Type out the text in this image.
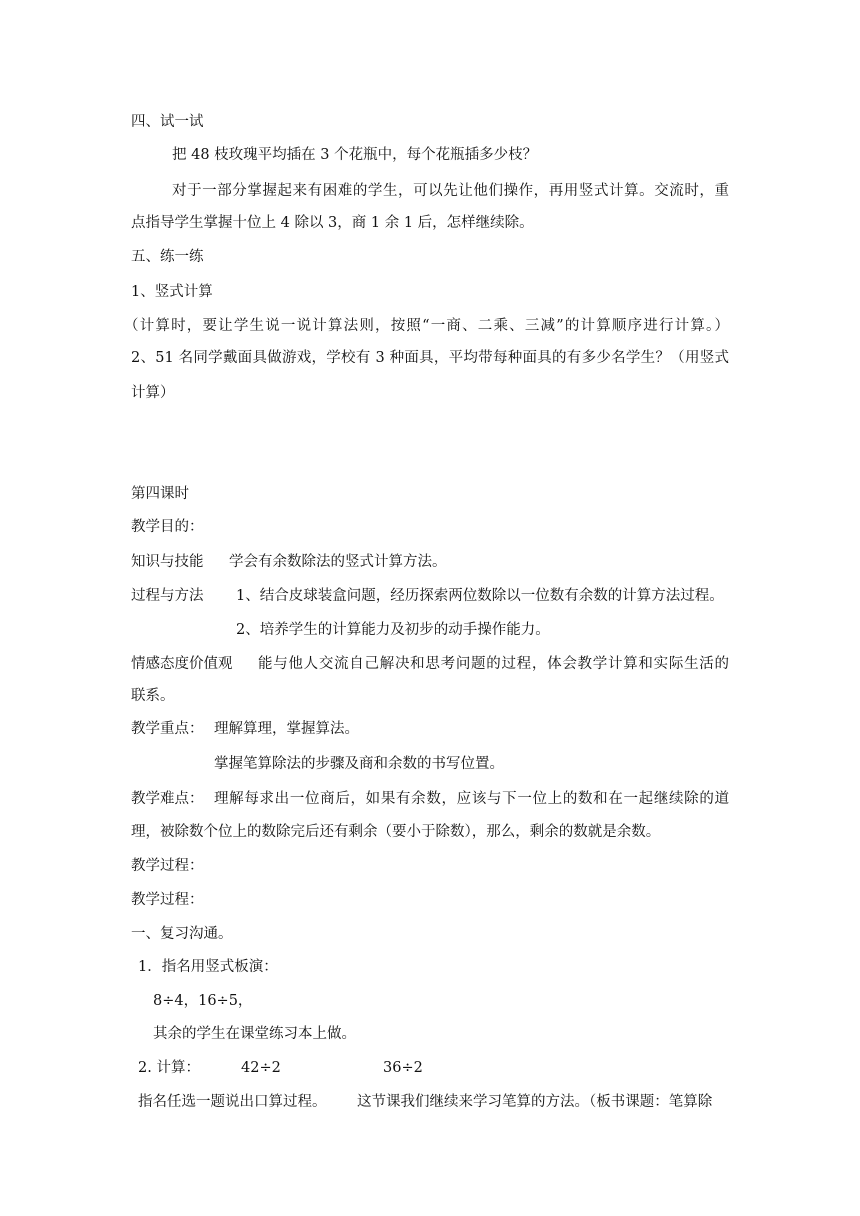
四、试一试
把 48 枝玫瑰平均插在 3 个花瓶中，每个花瓶插多少枝？
对于一部分掌握起来有困难的学生，可以先让他们操作，再用竖式计算。交流时，重
点指导学生掌握十位上 4 除以 3，商 1 余 1 后，怎样继续除。
五、练一练
1、竖式计算
（计算时，要让学生说一说计算法则，按照“一商、二乘、三减”的计算顺序进行计算。）
2、51 名同学戴面具做游戏，学校有 3 种面具，平均带每种面具的有多少名学生？（用竖式
计算）
第四课时
教学目的：
知识与技能 学会有余数除法的竖式计算方法。
过程与方法 1、结合皮球装盒问题，经历探索两位数除以一位数有余数的计算方法过程。
2、培养学生的计算能力及初步的动手操作能力。
情感态度价值观 能与他人交流自己解决和思考问题的过程，体会教学计算和实际生活的
联系。
教学重点： 理解算理，掌握算法。
掌握笔算除法的步骤及商和余数的书写位置。
教学难点： 理解每求出一位商后，如果有余数，应该与下一位上的数和在一起继续除的道
理，被除数个位上的数除完后还有剩余（要小于除数），那么，剩余的数就是余数。
教学过程：
教学过程：
一、复习沟通。
1．指名用竖式板演：
8÷4，16÷5，
其余的学生在课堂练习本上做。
2. 计算：	42÷2	36÷2
指名任选一题说出口算过程。 这节课我们继续来学习笔算的方法。（板书课题：笔算除
